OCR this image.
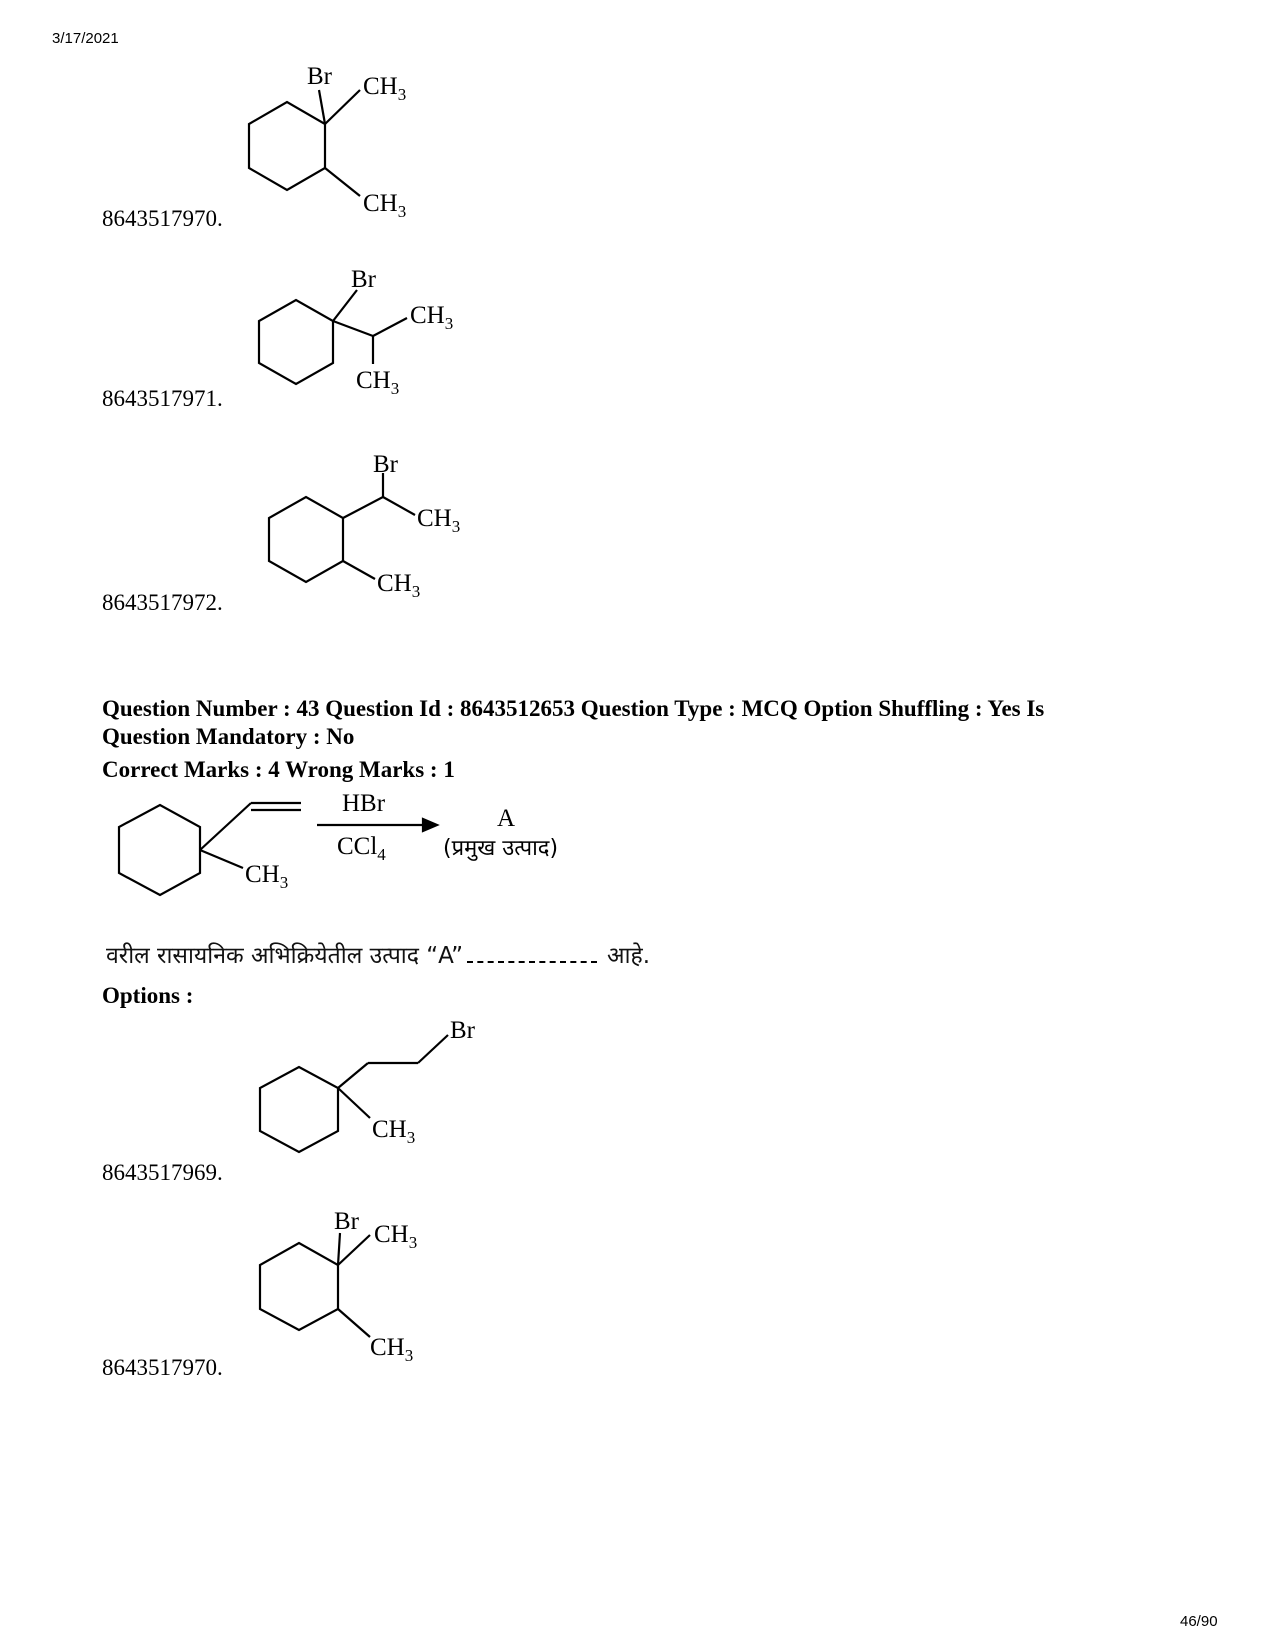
3/17/2021
Br $CH_3$
$CH_3$
8643517970.
Br
$CH_3$
$CH_3$
8643517971.
Br
$CH_3$
$CH_3$
8643517972.
Question Number : 43 Question Id : 8643512653 Question Type : MCQ Option Shuffling : Yes Is
Question Mandatory : No
Correct Marks : 4 Wrong Marks : 1
$CH_3$
HBr
CCl$_4$
A
(प्रमुख उत्पाद)
वरील रासायनिक अभिक्रियेतील उत्पाद “A”	आहे.
Options :
Br
$CH_3$
8643517969.
Br $CH_3$
$CH_3$
8643517970.
46/90
